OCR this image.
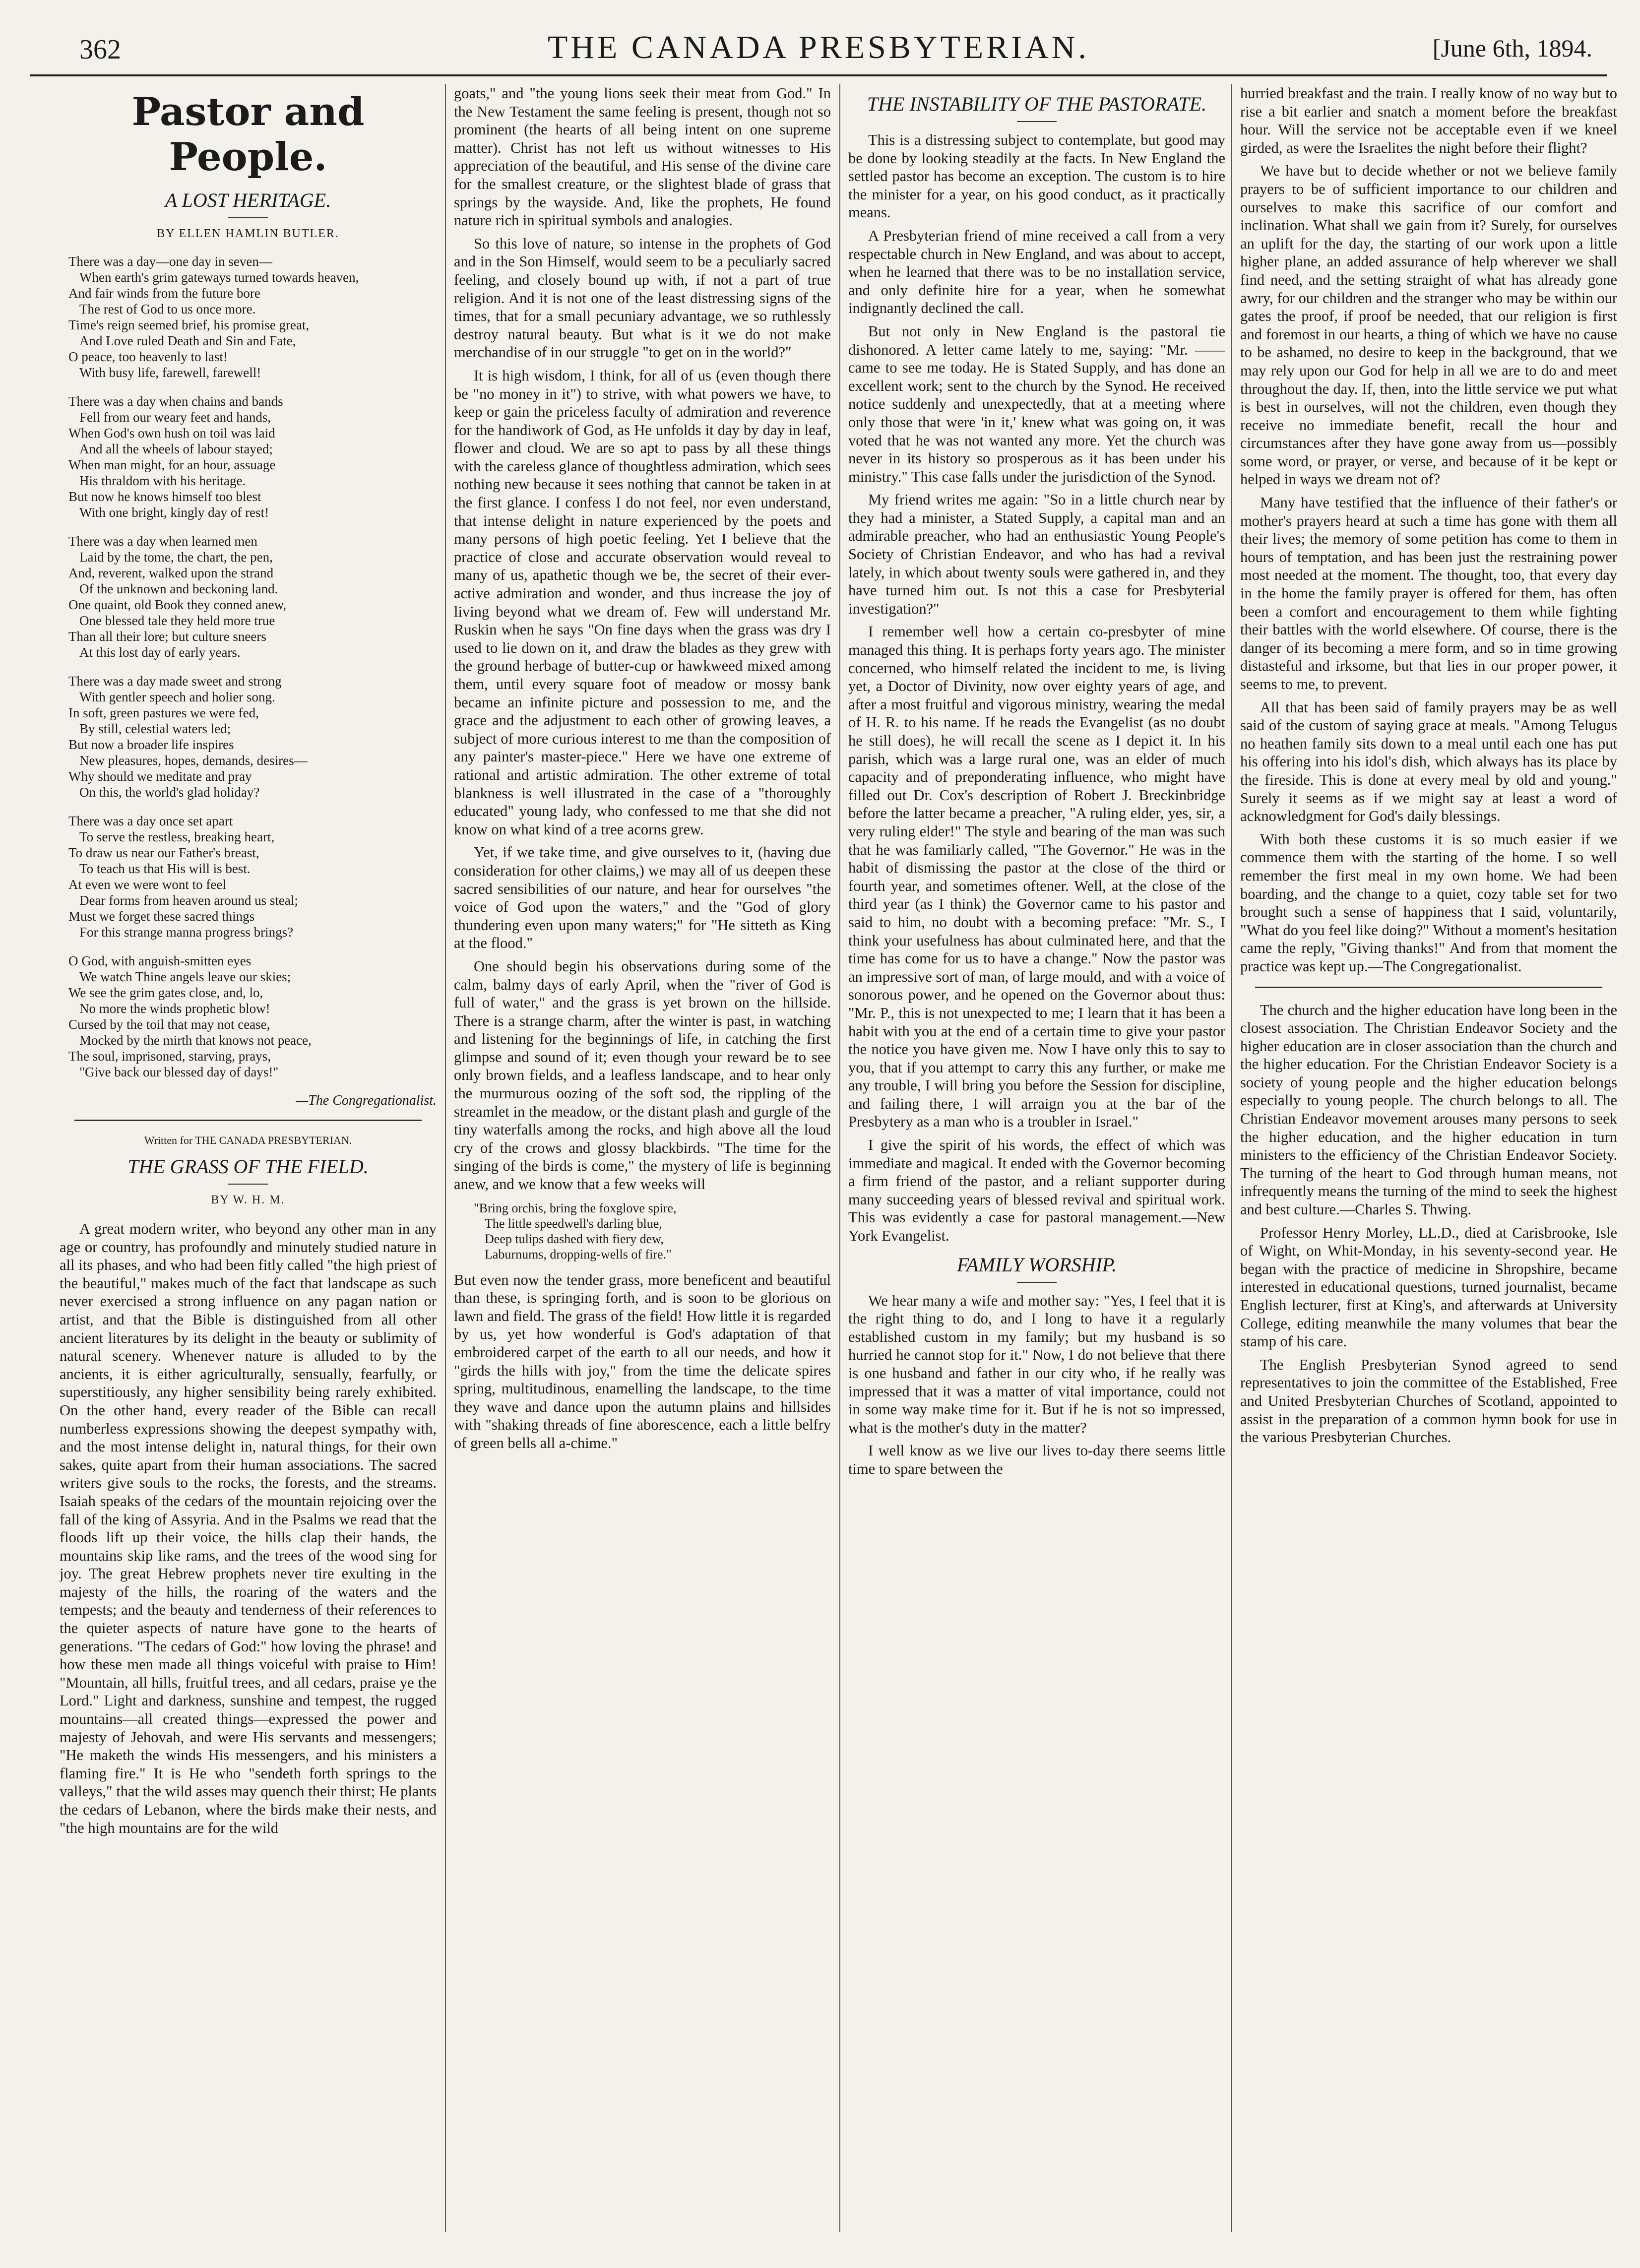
362	THE CANADA PRESBYTERIAN.	[June 6th, 1894.
Pastor and People.
A LOST HERITAGE.
BY ELLEN HAMLIN BUTLER.
There was a day—one day in seven—
When earth's grim gateways turned towards heaven,
And fair winds from the future bore
The rest of God to us once more.
Time's reign seemed brief, his promise great,
And Love ruled Death and Sin and Fate,
O peace, too heavenly to last!
With busy life, farewell, farewell!
There was a day when chains and bands
Fell from our weary feet and hands,
When God's own hush on toil was laid
And all the wheels of labour stayed;
When man might, for an hour, assuage
His thraldom with his heritage.
But now he knows himself too blest
With one bright, kingly day of rest!
There was a day when learned men
Laid by the tome, the chart, the pen,
And, reverent, walked upon the strand
Of the unknown and beckoning land.
One quaint, old Book they conned anew,
One blessed tale they held more true
Than all their lore; but culture sneers
At this lost day of early years.
There was a day made sweet and strong
With gentler speech and holier song.
In soft, green pastures we were fed,
By still, celestial waters led;
But now a broader life inspires
New pleasures, hopes, demands, desires—
Why should we meditate and pray
On this, the world's glad holiday?
There was a day once set apart
To serve the restless, breaking heart,
To draw us near our Father's breast,
To teach us that His will is best.
At even we were wont to feel
Dear forms from heaven around us steal;
Must we forget these sacred things
For this strange manna progress brings?
O God, with anguish-smitten eyes
We watch Thine angels leave our skies;
We see the grim gates close, and, lo,
No more the winds prophetic blow!
Cursed by the toil that may not cease,
Mocked by the mirth that knows not peace,
The soul, imprisoned, starving, prays,
"Give back our blessed day of days!"
—The Congregationalist.
Written for THE CANADA PRESBYTERIAN.
THE GRASS OF THE FIELD.
BY W. H. M.

A great modern writer, who beyond any other man in any age or country, has profoundly and minutely studied nature in all its phases, and who had been fitly called "the high priest of the beautiful," makes much of the fact that landscape as such never exercised a strong influence on any pagan nation or artist, and that the Bible is distinguished from all other ancient literatures by its delight in the beauty or sublimity of natural scenery. Whenever nature is alluded to by the ancients, it is either agriculturally, sensually, fearfully, or superstitiously, any higher sensibility being rarely exhibited. On the other hand, every reader of the Bible can recall numberless expressions showing the deepest sympathy with, and the most intense delight in, natural things, for their own sakes, quite apart from their human associations. The sacred writers give souls to the rocks, the forests, and the streams. Isaiah speaks of the cedars of the mountain rejoicing over the fall of the king of Assyria. And in the Psalms we read that the floods lift up their voice, the hills clap their hands, the mountains skip like rams, and the trees of the wood sing for joy. The great Hebrew prophets never tire exulting in the majesty of the hills, the roaring of the waters and the tempests; and the beauty and tenderness of their references to the quieter aspects of nature have gone to the hearts of generations. "The cedars of God:" how loving the phrase! and how these men made all things voiceful with praise to Him! "Mountain, all hills, fruitful trees, and all cedars, praise ye the Lord." Light and darkness, sunshine and tempest, the rugged mountains—all created things—expressed the power and majesty of Jehovah, and were His servants and messengers; "He maketh the winds His messengers, and his ministers a flaming fire." It is He who "sendeth forth springs to the valleys," that the wild asses may quench their thirst; He plants the cedars of Lebanon, where the birds make their nests, and "the high mountains are for the wild

goats," and "the young lions seek their meat from God." In the New Testament the same feeling is present, though not so prominent (the hearts of all being intent on one supreme matter). Christ has not left us without witnesses to His appreciation of the beautiful, and His sense of the divine care for the smallest creature, or the slightest blade of grass that springs by the wayside. And, like the prophets, He found nature rich in spiritual symbols and analogies.

So this love of nature, so intense in the prophets of God and in the Son Himself, would seem to be a peculiarly sacred feeling, and closely bound up with, if not a part of true religion. And it is not one of the least distressing signs of the times, that for a small pecuniary advantage, we so ruthlessly destroy natural beauty. But what is it we do not make merchandise of in our struggle "to get on in the world?"

It is high wisdom, I think, for all of us (even though there be "no money in it") to strive, with what powers we have, to keep or gain the priceless faculty of admiration and reverence for the handiwork of God, as He unfolds it day by day in leaf, flower and cloud. We are so apt to pass by all these things with the careless glance of thoughtless admiration, which sees nothing new because it sees nothing that cannot be taken in at the first glance. I confess I do not feel, nor even understand, that intense delight in nature experienced by the poets and many persons of high poetic feeling. Yet I believe that the practice of close and accurate observation would reveal to many of us, apathetic though we be, the secret of their ever-active admiration and wonder, and thus increase the joy of living beyond what we dream of. Few will understand Mr. Ruskin when he says "On fine days when the grass was dry I used to lie down on it, and draw the blades as they grew with the ground herbage of butter-cup or hawkweed mixed among them, until every square foot of meadow or mossy bank became an infinite picture and possession to me, and the grace and the adjustment to each other of growing leaves, a subject of more curious interest to me than the composition of any painter's master-piece." Here we have one extreme of rational and artistic admiration. The other extreme of total blankness is well illustrated in the case of a "thoroughly educated" young lady, who confessed to me that she did not know on what kind of a tree acorns grew.

Yet, if we take time, and give ourselves to it, (having due consideration for other claims,) we may all of us deepen these sacred sensibilities of our nature, and hear for ourselves "the voice of God upon the waters," and the "God of glory thundering even upon many waters;" for "He sitteth as King at the flood."

One should begin his observations during some of the calm, balmy days of early April, when the "river of God is full of water," and the grass is yet brown on the hillside. There is a strange charm, after the winter is past, in watching and listening for the beginnings of life, in catching the first glimpse and sound of it; even though your reward be to see only brown fields, and a leafless landscape, and to hear only the murmurous oozing of the soft sod, the rippling of the streamlet in the meadow, or the distant plash and gurgle of the tiny waterfalls among the rocks, and high above all the loud cry of the crows and glossy blackbirds. "The time for the singing of the birds is come," the mystery of life is beginning anew, and we know that a few weeks will

"Bring orchis, bring the foxglove spire,
The little speedwell's darling blue,
Deep tulips dashed with fiery dew,
Laburnums, dropping-wells of fire."

But even now the tender grass, more beneficent and beautiful than these, is springing forth, and is soon to be glorious on lawn and field. The grass of the field! How little it is regarded by us, yet how wonderful is God's adaptation of that embroidered carpet of the earth to all our needs, and how it "girds the hills with joy," from the time the delicate spires spring, multitudinous, enamelling the landscape, to the time they wave and dance upon the autumn plains and hillsides with "shaking threads of fine aborescence, each a little belfry of green bells all a-chime."

THE INSTABILITY OF THE PASTORATE.

This is a distressing subject to contemplate, but good may be done by looking steadily at the facts. In New England the settled pastor has become an exception. The custom is to hire the minister for a year, on his good conduct, as it practically means.

A Presbyterian friend of mine received a call from a very respectable church in New England, and was about to accept, when he learned that there was to be no installation service, and only definite hire for a year, when he somewhat indignantly declined the call.

But not only in New England is the pastoral tie dishonored. A letter came lately to me, saying: "Mr. —— came to see me today. He is Stated Supply, and has done an excellent work; sent to the church by the Synod. He received notice suddenly and unexpectedly, that at a meeting where only those that were 'in it,' knew what was going on, it was voted that he was not wanted any more. Yet the church was never in its history so prosperous as it has been under his ministry." This case falls under the jurisdiction of the Synod.

My friend writes me again: "So in a little church near by they had a minister, a Stated Supply, a capital man and an admirable preacher, who had an enthusiastic Young People's Society of Christian Endeavor, and who has had a revival lately, in which about twenty souls were gathered in, and they have turned him out. Is not this a case for Presbyterial investigation?"

I remember well how a certain co-presbyter of mine managed this thing. It is perhaps forty years ago. The minister concerned, who himself related the incident to me, is living yet, a Doctor of Divinity, now over eighty years of age, and after a most fruitful and vigorous ministry, wearing the medal of H. R. to his name. If he reads the Evangelist (as no doubt he still does), he will recall the scene as I depict it. In his parish, which was a large rural one, was an elder of much capacity and of preponderating influence, who might have filled out Dr. Cox's description of Robert J. Breckinbridge before the latter became a preacher, "A ruling elder, yes, sir, a very ruling elder!" The style and bearing of the man was such that he was familiarly called, "The Governor." He was in the habit of dismissing the pastor at the close of the third or fourth year, and sometimes oftener. Well, at the close of the third year (as I think) the Governor came to his pastor and said to him, no doubt with a becoming preface: "Mr. S., I think your usefulness has about culminated here, and that the time has come for us to have a change." Now the pastor was an impressive sort of man, of large mould, and with a voice of sonorous power, and he opened on the Governor about thus: "Mr. P., this is not unexpected to me; I learn that it has been a habit with you at the end of a certain time to give your pastor the notice you have given me. Now I have only this to say to you, that if you attempt to carry this any further, or make me any trouble, I will bring you before the Session for discipline, and failing there, I will arraign you at the bar of the Presbytery as a man who is a troubler in Israel."

I give the spirit of his words, the effect of which was immediate and magical. It ended with the Governor becoming a firm friend of the pastor, and a reliant supporter during many succeeding years of blessed revival and spiritual work. This was evidently a case for pastoral management.—New York Evangelist.

FAMILY WORSHIP.

We hear many a wife and mother say: "Yes, I feel that it is the right thing to do, and I long to have it a regularly established custom in my family; but my husband is so hurried he cannot stop for it." Now, I do not believe that there is one husband and father in our city who, if he really was impressed that it was a matter of vital importance, could not in some way make time for it. But if he is not so impressed, what is the mother's duty in the matter?

I well know as we live our lives to-day there seems little time to spare between the

hurried breakfast and the train. I really know of no way but to rise a bit earlier and snatch a moment before the breakfast hour. Will the service not be acceptable even if we kneel girded, as were the Israelites the night before their flight?

We have but to decide whether or not we believe family prayers to be of sufficient importance to our children and ourselves to make this sacrifice of our comfort and inclination. What shall we gain from it? Surely, for ourselves an uplift for the day, the starting of our work upon a little higher plane, an added assurance of help wherever we shall find need, and the setting straight of what has already gone awry, for our children and the stranger who may be within our gates the proof, if proof be needed, that our religion is first and foremost in our hearts, a thing of which we have no cause to be ashamed, no desire to keep in the background, that we may rely upon our God for help in all we are to do and meet throughout the day. If, then, into the little service we put what is best in ourselves, will not the children, even though they receive no immediate benefit, recall the hour and circumstances after they have gone away from us—possibly some word, or prayer, or verse, and because of it be kept or helped in ways we dream not of?

Many have testified that the influence of their father's or mother's prayers heard at such a time has gone with them all their lives; the memory of some petition has come to them in hours of temptation, and has been just the restraining power most needed at the moment. The thought, too, that every day in the home the family prayer is offered for them, has often been a comfort and encouragement to them while fighting their battles with the world elsewhere. Of course, there is the danger of its becoming a mere form, and so in time growing distasteful and irksome, but that lies in our proper power, it seems to me, to prevent.

All that has been said of family prayers may be as well said of the custom of saying grace at meals. "Among Telugus no heathen family sits down to a meal until each one has put his offering into his idol's dish, which always has its place by the fireside. This is done at every meal by old and young." Surely it seems as if we might say at least a word of acknowledgment for God's daily blessings.

With both these customs it is so much easier if we commence them with the starting of the home. I so well remember the first meal in my own home. We had been boarding, and the change to a quiet, cozy table set for two brought such a sense of happiness that I said, voluntarily, "What do you feel like doing?" Without a moment's hesitation came the reply, "Giving thanks!" And from that moment the practice was kept up.—The Congregationalist.

The church and the higher education have long been in the closest association. The Christian Endeavor Society and the higher education are in closer association than the church and the higher education. For the Christian Endeavor Society is a society of young people and the higher education belongs especially to young people. The church belongs to all. The Christian Endeavor movement arouses many persons to seek the higher education, and the higher education in turn ministers to the efficiency of the Christian Endeavor Society. The turning of the heart to God through human means, not infrequently means the turning of the mind to seek the highest and best culture.—Charles S. Thwing.

Professor Henry Morley, LL.D., died at Carisbrooke, Isle of Wight, on Whit-Monday, in his seventy-second year. He began with the practice of medicine in Shropshire, became interested in educational questions, turned journalist, became English lecturer, first at King's, and afterwards at University College, editing meanwhile the many volumes that bear the stamp of his care.

The English Presbyterian Synod agreed to send representatives to join the committee of the Established, Free and United Presbyterian Churches of Scotland, appointed to assist in the preparation of a common hymn book for use in the various Presbyterian Churches.
